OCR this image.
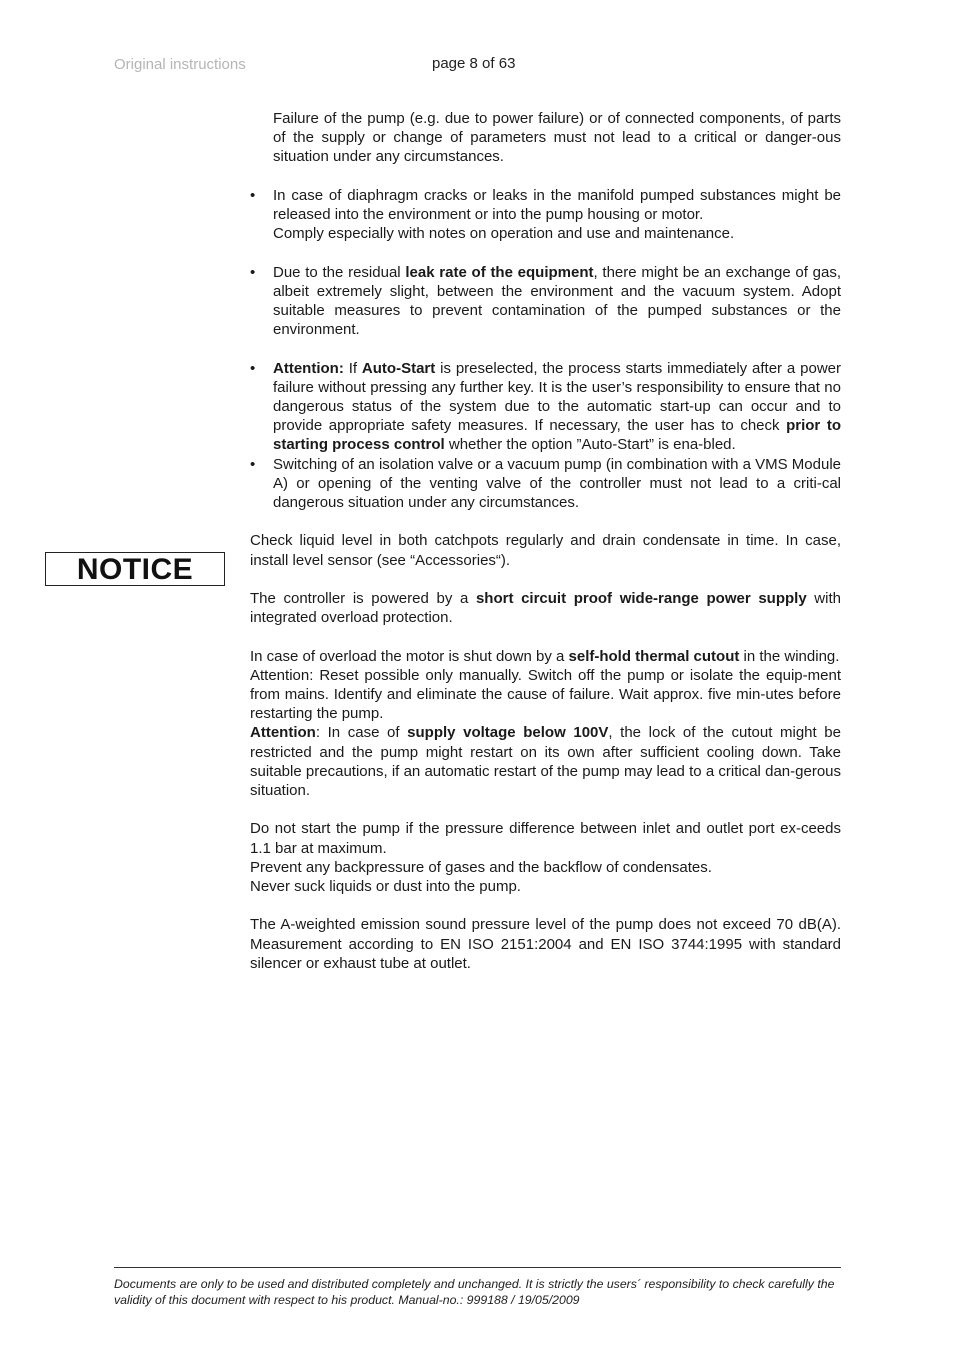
Original instructions	page 8 of 63
NOTICE

Failure of the pump (e.g. due to power failure) or of connected components, of parts of the supply or change of parameters must not lead to a critical or danger-ous situation under any circumstances.

• In case of diaphragm cracks or leaks in the manifold pumped substances might be released into the environment or into the pump housing or motor.

Comply especially with notes on operation and use and maintenance.

• Due to the residual leak rate of the equipment, there might be an exchange of gas, albeit extremely slight, between the environment and the vacuum system. Adopt suitable measures to prevent contamination of the pumped substances or the environment.

• Attention: If Auto-Start is preselected, the process starts immediately after a power failure without pressing any further key. It is the user’s responsibility to ensure that no dangerous status of the system due to the automatic start-up can occur and to provide appropriate safety measures. If necessary, the user has to check prior to starting process control whether the option ”Auto-Start” is ena-bled.

• Switching of an isolation valve or a vacuum pump (in combination with a VMS Module A) or opening of the venting valve of the controller must not lead to a criti-cal dangerous situation under any circumstances.

Check liquid level in both catchpots regularly and drain condensate in time. In case, install level sensor (see “Accessories“).

The controller is powered by a short circuit proof wide-range power supply with integrated overload protection.

In case of overload the motor is shut down by a self-hold thermal cutout in the winding.

Attention: Reset possible only manually. Switch off the pump or isolate the equip-ment from mains. Identify and eliminate the cause of failure. Wait approx. five min-utes before restarting the pump.

Attention: In case of supply voltage below 100V, the lock of the cutout might be restricted and the pump might restart on its own after sufficient cooling down. Take suitable precautions, if an automatic restart of the pump may lead to a critical dan-gerous situation.

Do not start the pump if the pressure difference between inlet and outlet port ex-ceeds 1.1 bar at maximum.

Prevent any backpressure of gases and the backflow of condensates.

Never suck liquids or dust into the pump.

The A-weighted emission sound pressure level of the pump does not exceed 70 dB(A). Measurement according to EN ISO 2151:2004 and EN ISO 3744:1995 with standard silencer or exhaust tube at outlet.

Documents are only to be used and distributed completely and unchanged. It is strictly the users´ responsibility to check carefully the validity of this document with respect to his product. Manual-no.: 999188 / 19/05/2009
